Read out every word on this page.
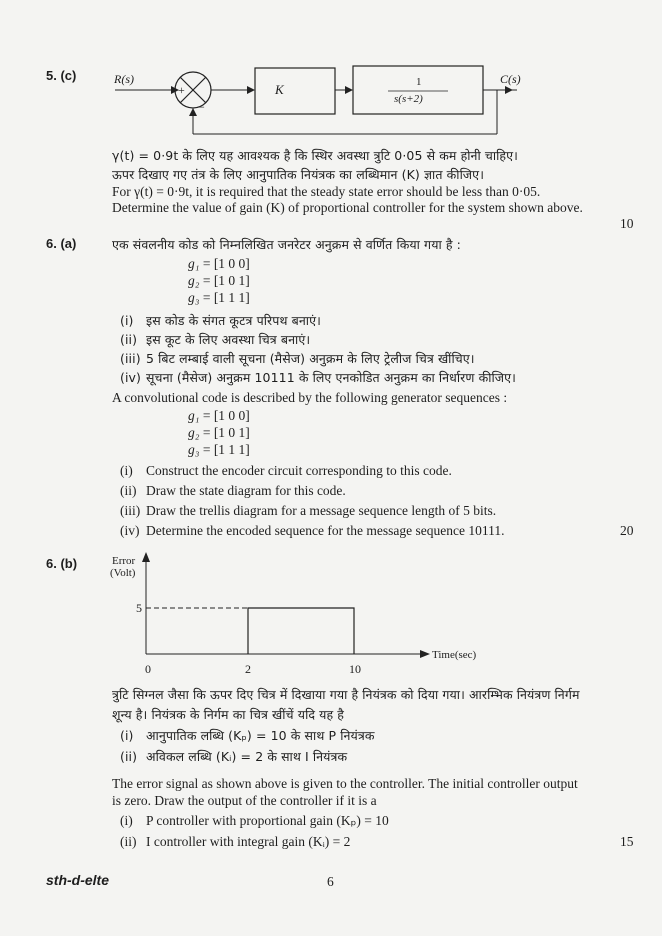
5. (c)	R(s)
+
−
K	1
s(s+2)
C(s)
γ(t) = 0·9t के लिए यह आवश्यक है कि स्थिर अवस्था त्रुटि 0·05 से कम होनी चाहिए।
ऊपर दिखाए गए तंत्र के लिए आनुपातिक नियंत्रक का लब्धिमान (K) ज्ञात कीजिए।
For γ(t) = 0·9t, it is required that the steady state error should be less than 0·05.
Determine the value of gain (K) of proportional controller for the system shown above.
10
6. (a)	एक संवलनीय कोड को निम्नलिखित जनरेटर अनुक्रम से वर्णित किया गया है :
g₁ = [1 0 0]
g₂ = [1 0 1]
g₃ = [1 1 1]
(i) इस कोड के संगत कूटत्र परिपथ बनाएं।
(ii) इस कूट के लिए अवस्था चित्र बनाएं।
(iii) 5 बिट लम्बाई वाली सूचना (मैसेज) अनुक्रम के लिए ट्रेलीज चित्र खींचिए।
(iv) सूचना (मैसेज) अनुक्रम 10111 के लिए एनकोडित अनुक्रम का निर्धारण कीजिए।
A convolutional code is described by the following generator sequences :
g₁ = [1 0 0]
g₂ = [1 0 1]
g₃ = [1 1 1]
(i) Construct the encoder circuit corresponding to this code.
(ii) Draw the state diagram for this code.
(iii) Draw the trellis diagram for a message sequence length of 5 bits.
(iv) Determine the encoded sequence for the message sequence 10111.	20
6. (b)	Error
(Volt)
5
0	2	10
Time(sec)
त्रुटि सिग्नल जैसा कि ऊपर दिए चित्र में दिखाया गया है नियंत्रक को दिया गया। आरम्भिक नियंत्रण निर्गम
शून्य है। नियंत्रक के निर्गम का चित्र खींचें यदि यह है
(i) आनुपातिक लब्धि (Kₚ) = 10 के साथ P नियंत्रक
(ii) अविकल लब्धि (Kᵢ) = 2 के साथ I नियंत्रक
The error signal as shown above is given to the controller. The initial controller output
is zero. Draw the output of the controller if it is a
(i) P controller with proportional gain (Kₚ) = 10
(ii) I controller with integral gain (Kᵢ) = 2	15
sth-d-elte	6
